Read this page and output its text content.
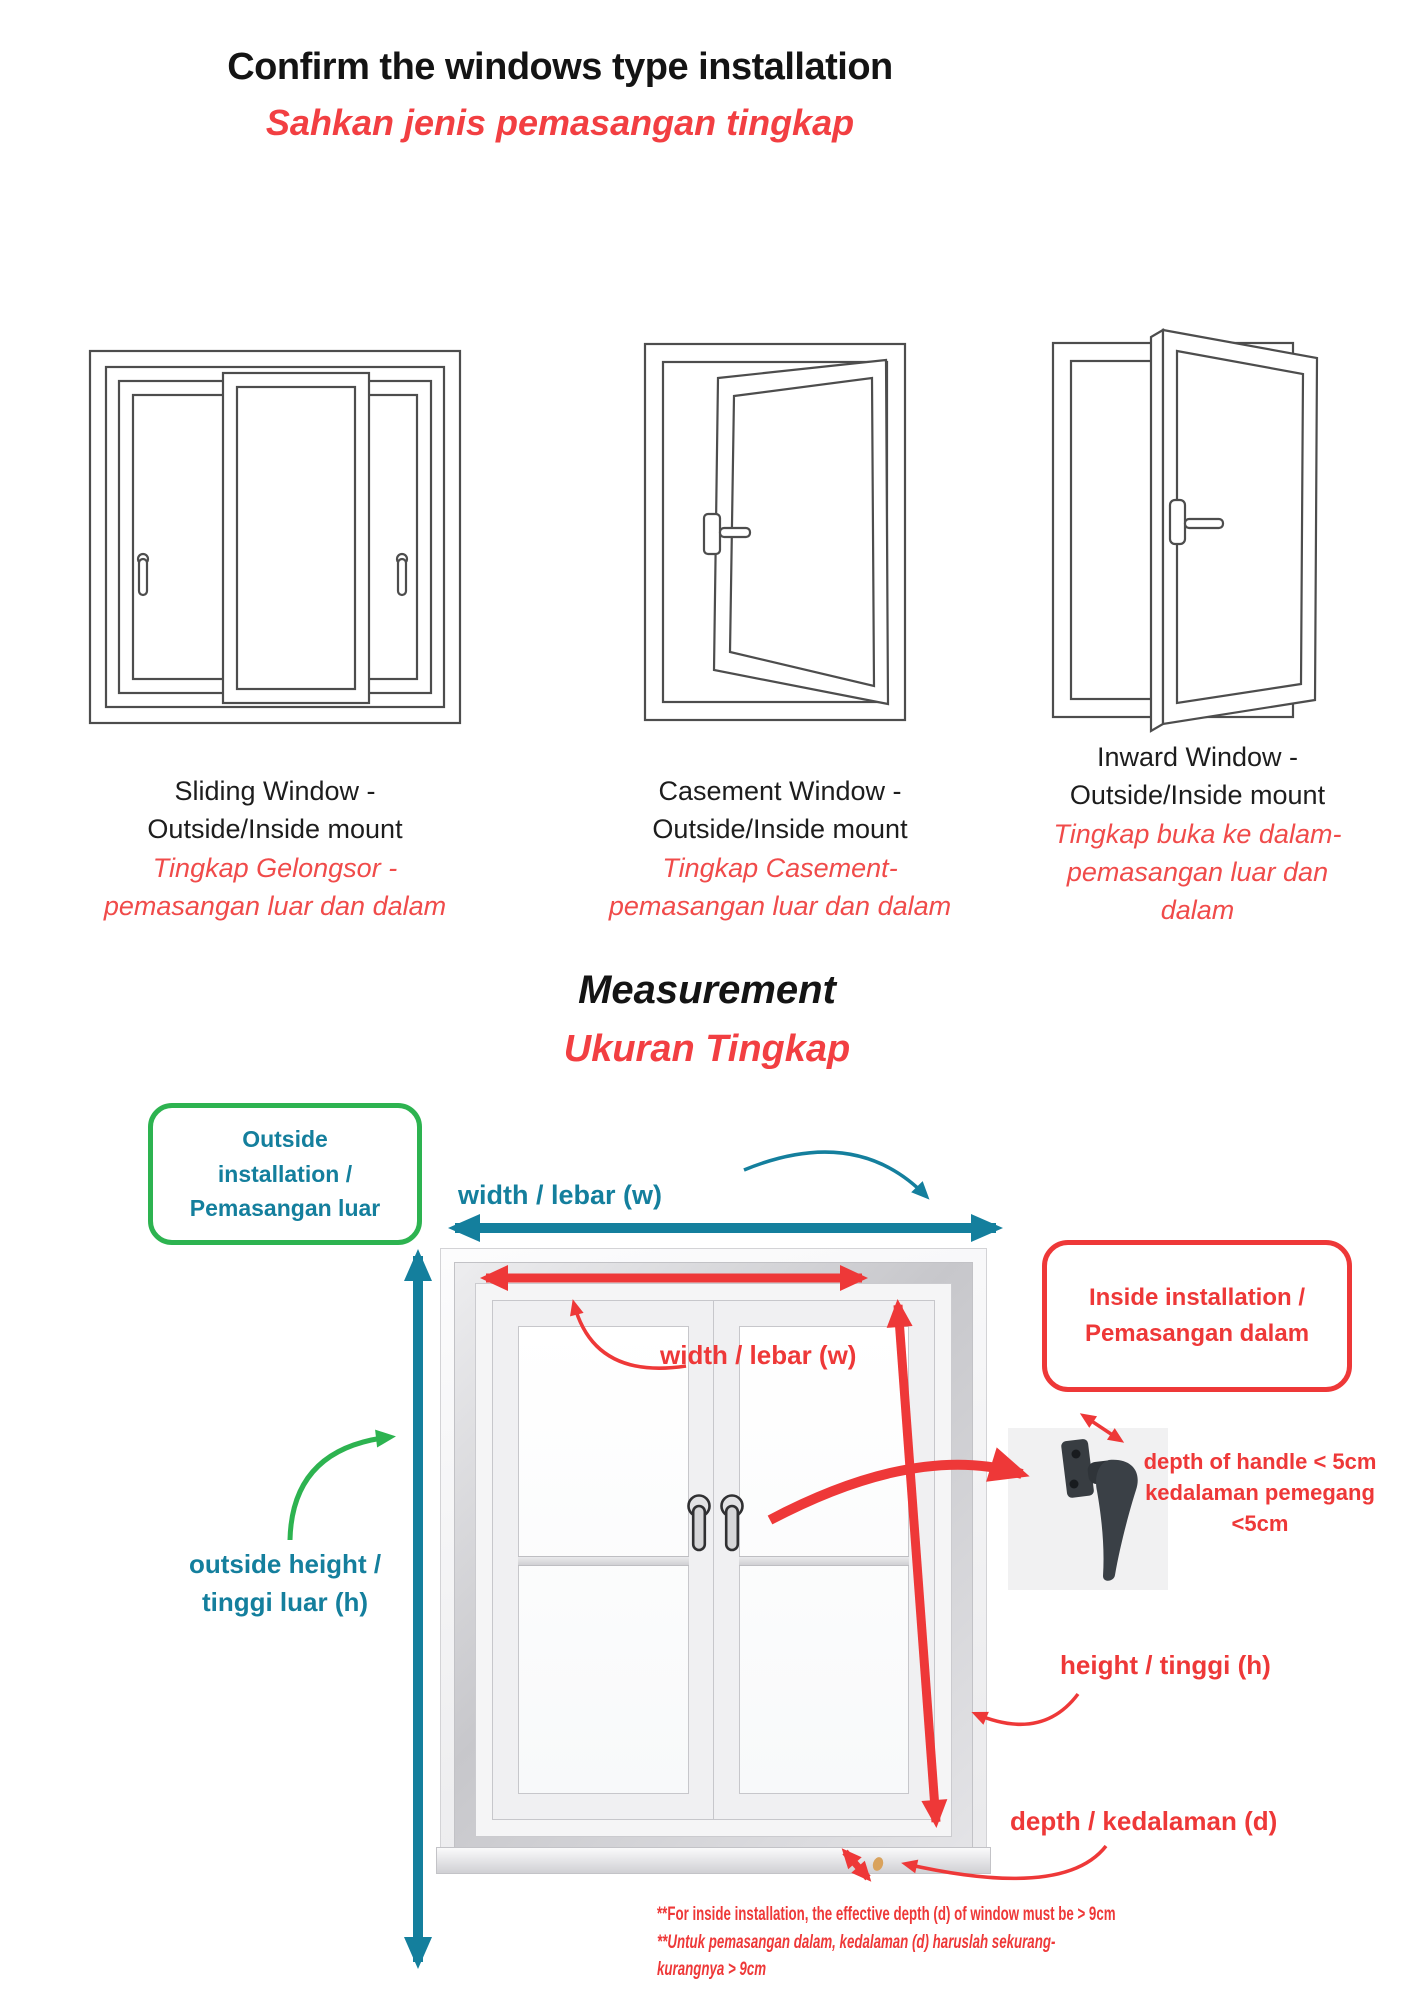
Confirm the windows type installation
Sahkan jenis pemasangan tingkap
Sliding Window -
Outside/Inside mount
Tingkap Gelongsor -
pemasangan luar dan dalam
Casement Window -
Outside/Inside mount
Tingkap Casement-
pemasangan luar dan dalam
Inward Window -
Outside/Inside mount
Tingkap buka ke dalam-
pemasangan luar dan
dalam
Measurement
Ukuran Tingkap
Outside
installation /
Pemasangan luar
Inside installation /
Pemasangan dalam
width / lebar (w)
width / lebar (w)
outside height /
tinggi luar (h)
height / tinggi (h)
depth / kedalaman (d)
depth of handle < 5cm
kedalaman pemegang
<5cm
**For inside installation, the effective depth (d) of window must be > 9cm
**Untuk pemasangan dalam, kedalaman (d) haruslah sekurang-kurangnya > 9cm
